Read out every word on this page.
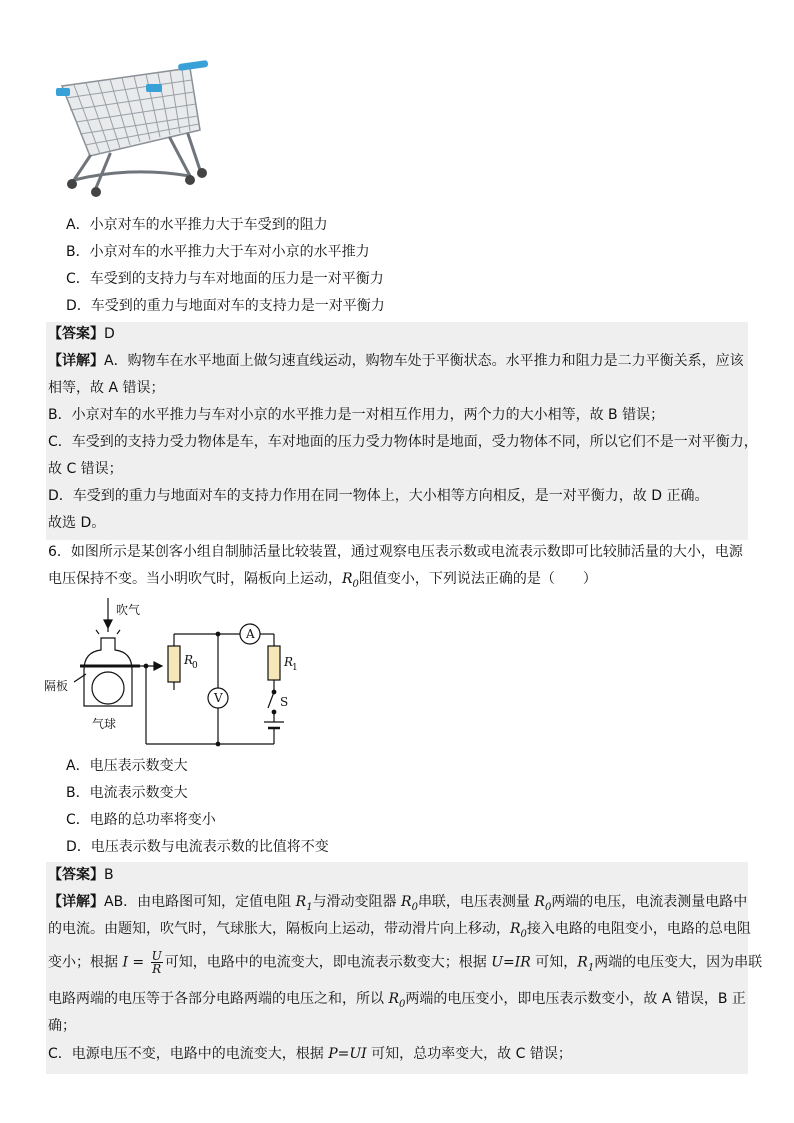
A．小京对车的水平推力大于车受到的阻力
B．小京对车的水平推力大于车对小京的水平推力
C．车受到的支持力与车对地面的压力是一对平衡力
D．车受到的重力与地面对车的支持力是一对平衡力
【答案】D
【详解】A．购物车在水平地面上做匀速直线运动，购物车处于平衡状态。水平推力和阻力是二力平衡关系，应该
相等，故 A 错误；
B．小京对车的水平推力与车对小京的水平推力是一对相互作用力，两个力的大小相等，故 B 错误；
C．车受到的支持力受力物体是车，车对地面的压力受力物体时是地面，受力物体不同，所以它们不是一对平衡力，
故 C 错误；
D．车受到的重力与地面对车的支持力作用在同一物体上，大小相等方向相反，是一对平衡力，故 D 正确。
故选 D。
6．如图所示是某创客小组自制肺活量比较装置，通过观察电压表示数或电流表示数即可比较肺活量的大小，电源
电压保持不变。当小明吹气时，隔板向上运动，$R_0$阻值变小，下列说法正确的是（　　）
吹气
隔板
气球
R
0	R
1
A
V	S
A．电压表示数变大
B．电流表示数变大
C．电路的总功率将变小
D．电压表示数与电流表示数的比值将不变
【答案】B
【详解】AB．由电路图可知，定值电阻 $R_1$与滑动变阻器 $R_0$串联，电压表测量 $R_0$两端的电压，电流表测量电路中
的电流。由题知，吹气时，气球胀大，隔板向上运动，带动滑片向上移动，$R_0$接入电路的电阻变小，电路的总电阻
变小；根据 $I = \frac{U}{R}$ 可知，电路中的电流变大，即电流表示数变大；根据 U=IR 可知，$R_1$两端的电压变大，因为串联
电路两端的电压等于各部分电路两端的电压之和，所以 $R_0$两端的电压变小，即电压表示数变小，故 A 错误，B 正
确；
C．电源电压不变，电路中的电流变大，根据 P=UI 可知，总功率变大，故 C 错误；
